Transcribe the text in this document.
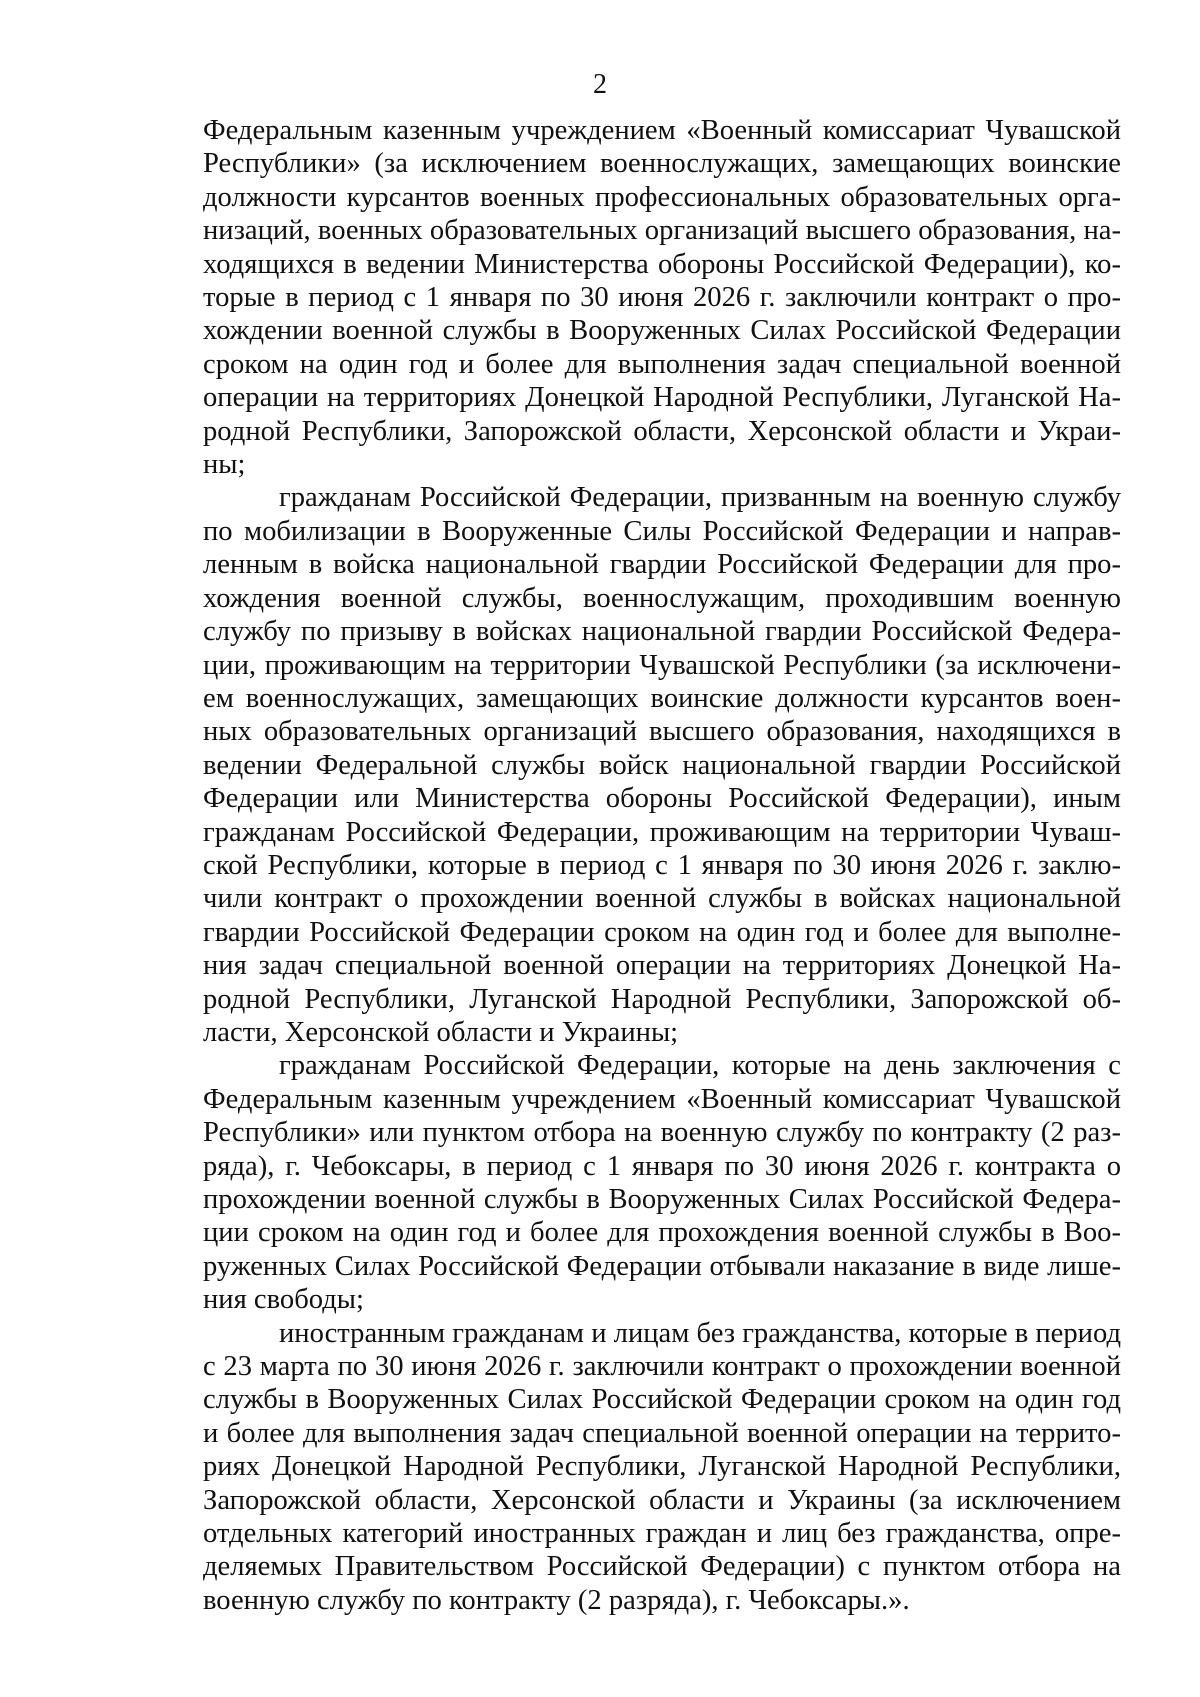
2
Федеральным казенным учреждением «Военный комиссариат Чувашской
Республики» (за исключением военнослужащих, замещающих воинские
должности курсантов военных профессиональных образовательных орга-
низаций, военных образовательных организаций высшего образования, на-
ходящихся в ведении Министерства обороны Российской Федерации), ко-
торые в период с 1 января по 30 июня 2026 г. заключили контракт о про-
хождении военной службы в Вооруженных Силах Российской Федерации
сроком на один год и более для выполнения задач специальной военной
операции на территориях Донецкой Народной Республики, Луганской На-
родной Республики, Запорожской области, Херсонской области и Украи-
ны;
гражданам Российской Федерации, призванным на военную службу
по мобилизации в Вооруженные Силы Российской Федерации и направ-
ленным в войска национальной гвардии Российской Федерации для про-
хождения военной службы, военнослужащим, проходившим военную
службу по призыву в войсках национальной гвардии Российской Федера-
ции, проживающим на территории Чувашской Республики (за исключени-
ем военнослужащих, замещающих воинские должности курсантов воен-
ных образовательных организаций высшего образования, находящихся в
ведении Федеральной службы войск национальной гвардии Российской
Федерации или Министерства обороны Российской Федерации), иным
гражданам Российской Федерации, проживающим на территории Чуваш-
ской Республики, которые в период с 1 января по 30 июня 2026 г. заклю-
чили контракт о прохождении военной службы в войсках национальной
гвардии Российской Федерации сроком на один год и более для выполне-
ния задач специальной военной операции на территориях Донецкой На-
родной Республики, Луганской Народной Республики, Запорожской об-
ласти, Херсонской области и Украины;
гражданам Российской Федерации, которые на день заключения с
Федеральным казенным учреждением «Военный комиссариат Чувашской
Республики» или пунктом отбора на военную службу по контракту (2 раз-
ряда), г. Чебоксары, в период с 1 января по 30 июня 2026 г. контракта о
прохождении военной службы в Вооруженных Силах Российской Федера-
ции сроком на один год и более для прохождения военной службы в Воо-
руженных Силах Российской Федерации отбывали наказание в виде лише-
ния свободы;
иностранным гражданам и лицам без гражданства, которые в период
с 23 марта по 30 июня 2026 г. заключили контракт о прохождении военной
службы в Вооруженных Силах Российской Федерации сроком на один год
и более для выполнения задач специальной военной операции на террито-
риях Донецкой Народной Республики, Луганской Народной Республики,
Запорожской области, Херсонской области и Украины (за исключением
отдельных категорий иностранных граждан и лиц без гражданства, опре-
деляемых Правительством Российской Федерации) с пунктом отбора на
военную службу по контракту (2 разряда), г. Чебоксары.».
